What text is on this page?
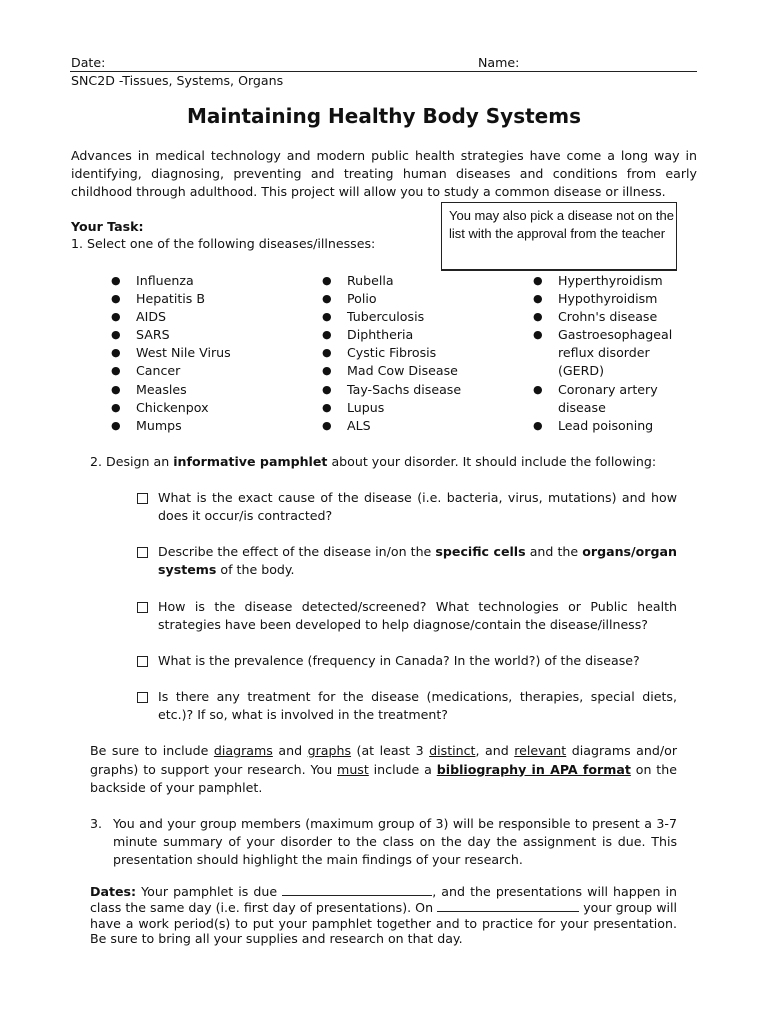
Date:	Name:
SNC2D -Tissues, Systems, Organs
Maintaining Healthy Body Systems
Advances in medical technology and modern public health strategies have come a long way in identifying, diagnosing, preventing and treating human diseases and conditions from early childhood through adulthood. This project will allow you to study a common disease or illness.
You may also pick a disease not on the list with the approval from the teacher
Your Task:
1. Select one of the following diseases/illnesses:
● Influenza
● Hepatitis B
● AIDS
● SARS
● West Nile Virus
● Cancer
● Measles
● Chickenpox
● Mumps
● Rubella
● Polio
● Tuberculosis
● Diphtheria
● Cystic Fibrosis
● Mad Cow Disease
● Tay-Sachs disease
● Lupus
● ALS
● Hyperthyroidism
● Hypothyroidism
● Crohn's disease
● Gastroesophageal reflux disorder (GERD)
● Coronary artery disease
● Lead poisoning
2. Design an informative pamphlet about your disorder. It should include the following:
What is the exact cause of the disease (i.e. bacteria, virus, mutations) and how does it occur/is contracted?
Describe the effect of the disease in/on the specific cells and the organs/organ systems of the body.
How is the disease detected/screened? What technologies or Public health strategies have been developed to help diagnose/contain the disease/illness?
What is the prevalence (frequency in Canada? In the world?) of the disease?
Is there any treatment for the disease (medications, therapies, special diets, etc.)? If so, what is involved in the treatment?
Be sure to include diagrams and graphs (at least 3 distinct, and relevant diagrams and/or graphs) to support your research. You must include a bibliography in APA format on the backside of your pamphlet.
3. You and your group members (maximum group of 3) will be responsible to present a 3-7 minute summary of your disorder to the class on the day the assignment is due. This presentation should highlight the main findings of your research.
Dates: Your pamphlet is due	, and the presentations will happen in class the same day (i.e. first day of presentations). On	your group will have a work period(s) to put your pamphlet together and to practice for your presentation. Be sure to bring all your supplies and research on that day.
